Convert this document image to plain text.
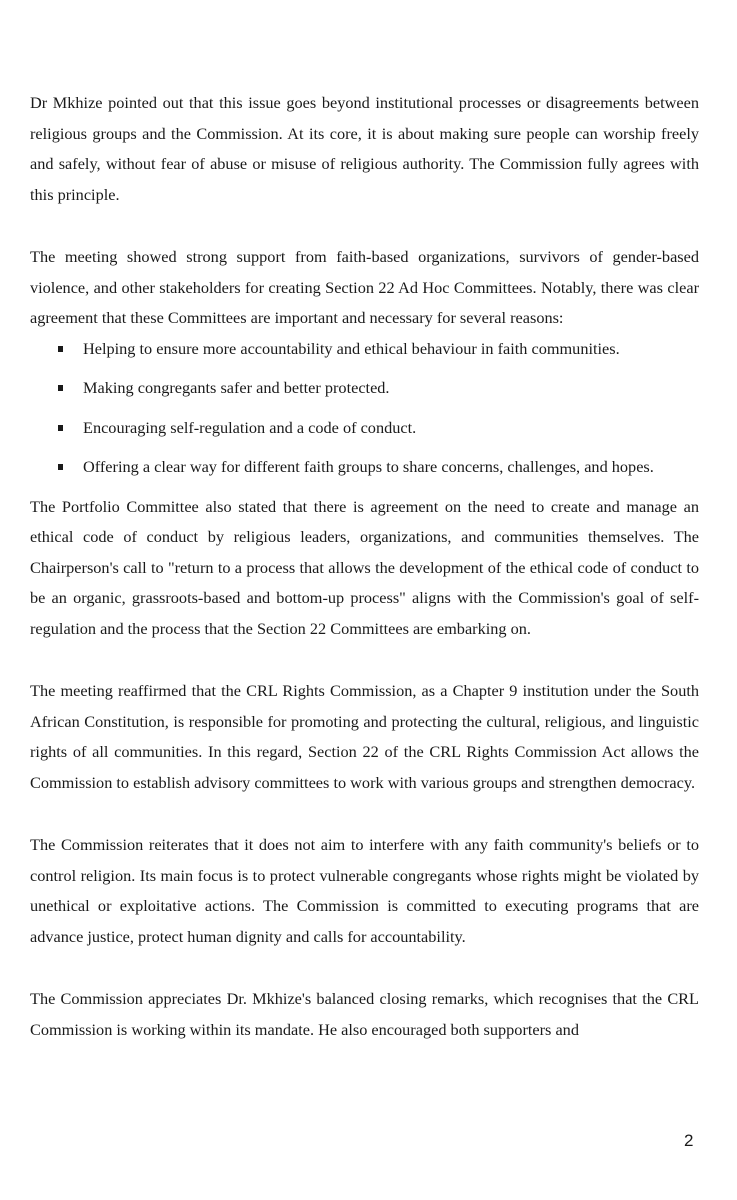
Dr Mkhize pointed out that this issue goes beyond institutional processes or disagreements between religious groups and the Commission. At its core, it is about making sure people can worship freely and safely, without fear of abuse or misuse of religious authority. The Commission fully agrees with this principle.

The meeting showed strong support from faith-based organizations, survivors of gender-based violence, and other stakeholders for creating Section 22 Ad Hoc Committees. Notably, there was clear agreement that these Committees are important and necessary for several reasons:

Helping to ensure more accountability and ethical behaviour in faith communities.
Making congregants safer and better protected.
Encouraging self-regulation and a code of conduct.
Offering a clear way for different faith groups to share concerns, challenges, and hopes.

The Portfolio Committee also stated that there is agreement on the need to create and manage an ethical code of conduct by religious leaders, organizations, and communities themselves. The Chairperson's call to "return to a process that allows the development of the ethical code of conduct to be an organic, grassroots-based and bottom-up process" aligns with the Commission's goal of self-regulation and the process that the Section 22 Committees are embarking on.

The meeting reaffirmed that the CRL Rights Commission, as a Chapter 9 institution under the South African Constitution, is responsible for promoting and protecting the cultural, religious, and linguistic rights of all communities. In this regard, Section 22 of the CRL Rights Commission Act allows the Commission to establish advisory committees to work with various groups and strengthen democracy.

The Commission reiterates that it does not aim to interfere with any faith community's beliefs or to control religion. Its main focus is to protect vulnerable congregants whose rights might be violated by unethical or exploitative actions. The Commission is committed to executing programs that are advance justice, protect human dignity and calls for accountability.

The Commission appreciates Dr. Mkhize's balanced closing remarks, which recognises that the CRL Commission is working within its mandate. He also encouraged both supporters and

2
